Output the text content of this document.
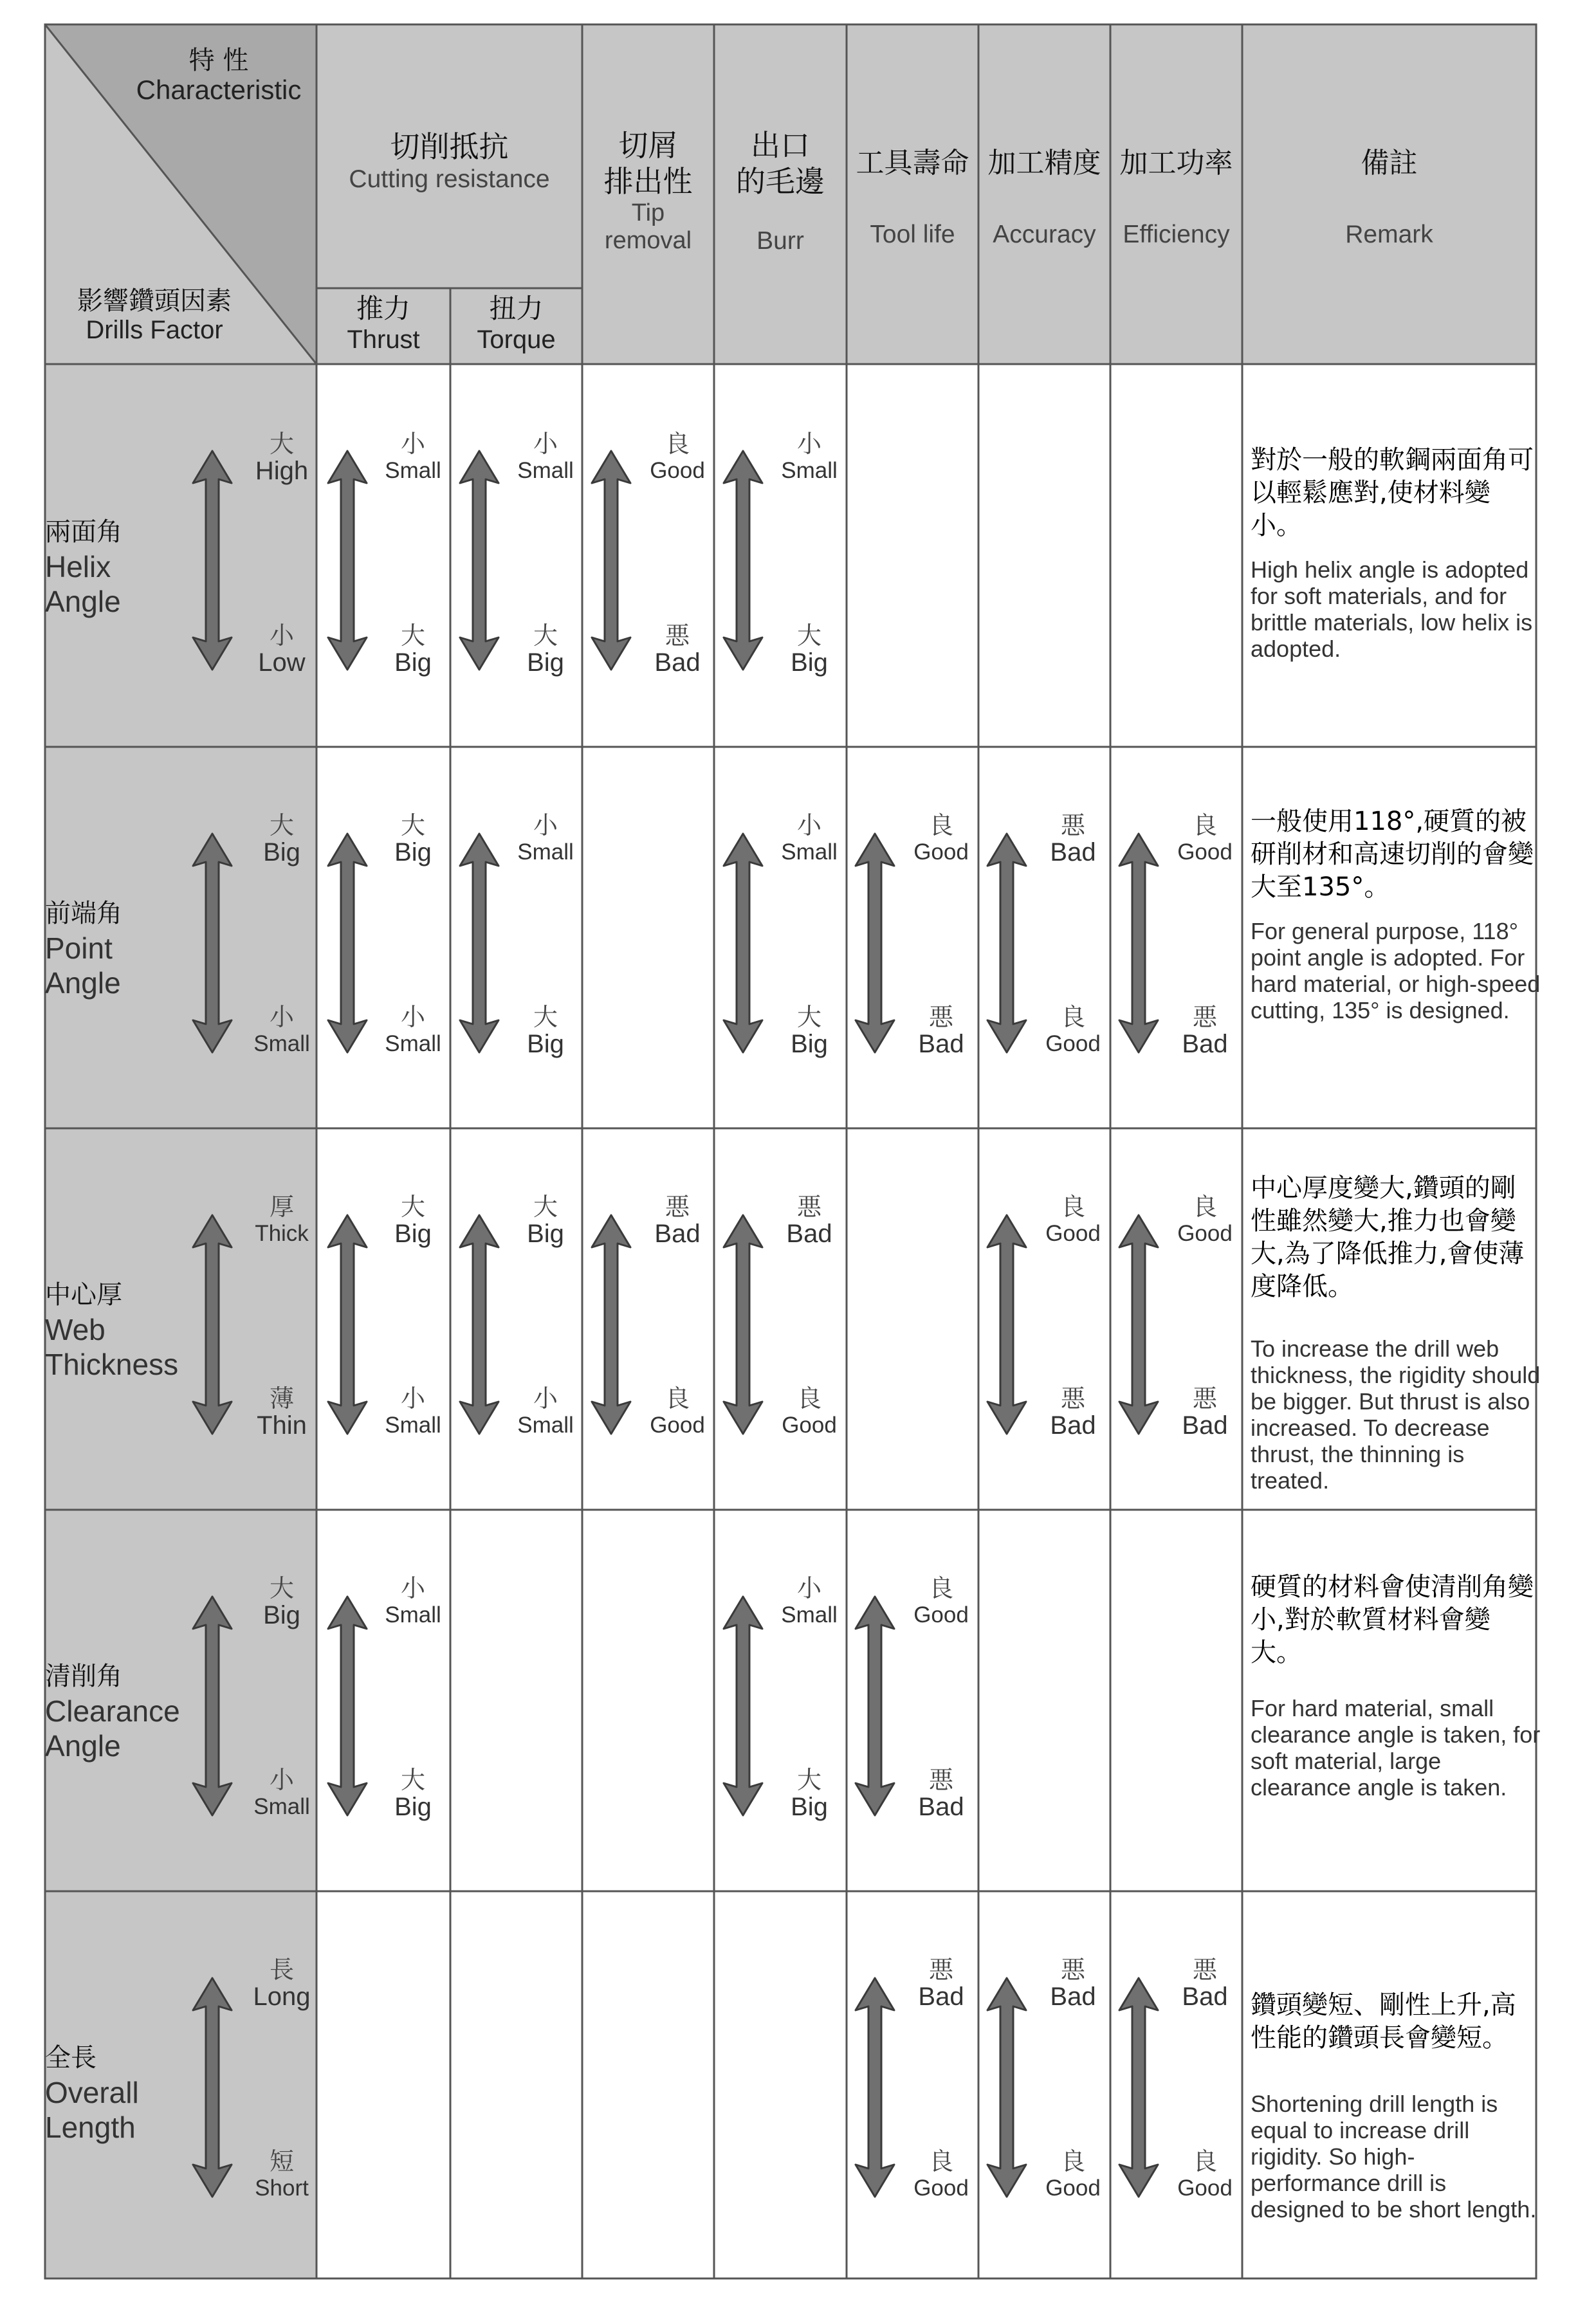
特 性
Characteristic
影響鑽頭因素
Drills Factor
切削抵抗
Cutting resistance
推力
Thrust
扭力
Torque
切屑
排出性
Tip
removal
出口
的毛邊
Burr
工具壽命
Tool life
加工精度
Accuracy
加工功率
Efficiency
備註
Remark
兩面角
Helix
Angle
大
High
小
Low
小
Small
大
Big
小
Small
大
Big
良
Good
悪
Bad
小
Small
大
Big
對於一般的軟鋼兩面角可以輕鬆應對,使材料變小。
High helix angle is adopted for soft materials, and for brittle materials, low helix is adopted.
前端角
Point
Angle
大
Big
小
Small
大
Big
小
Small
小
Small
大
Big
小
Small
大
Big
良
Good
悪
Bad
悪
Bad
良
Good
良
Good
悪
Bad
一般使用118°,硬質的被研削材和高速切削的會變大至135°。
For general purpose, 118° point angle is adopted. For hard material, or high-speed cutting, 135° is designed.
中心厚
Web
Thickness
厚
Thick
薄
Thin
大
Big
小
Small
大
Big
小
Small
悪
Bad
良
Good
悪
Bad
良
Good
良
Good
悪
Bad
良
Good
悪
Bad
中心厚度變大,鑽頭的剛性雖然變大,推力也會變大,為了降低推力,會使薄度降低。
To increase the drill web thickness, the rigidity should be bigger. But thrust is also increased. To decrease thrust, the thinning is treated.
清削角
Clearance
Angle
大
Big
小
Small
小
Small
大
Big
小
Small
大
Big
良
Good
悪
Bad
硬質的材料會使清削角變小,對於軟質材料會變大。
For hard material, small clearance angle is taken, for soft material, large clearance angle is taken.
全長
Overall
Length
長
Long
短
Short
悪
Bad
良
Good
悪
Bad
良
Good
悪
Bad
良
Good
鑽頭變短、剛性上升,高性能的鑽頭長會變短。
Shortening drill length is equal to increase drill rigidity. So high-performance drill is designed to be short length.
